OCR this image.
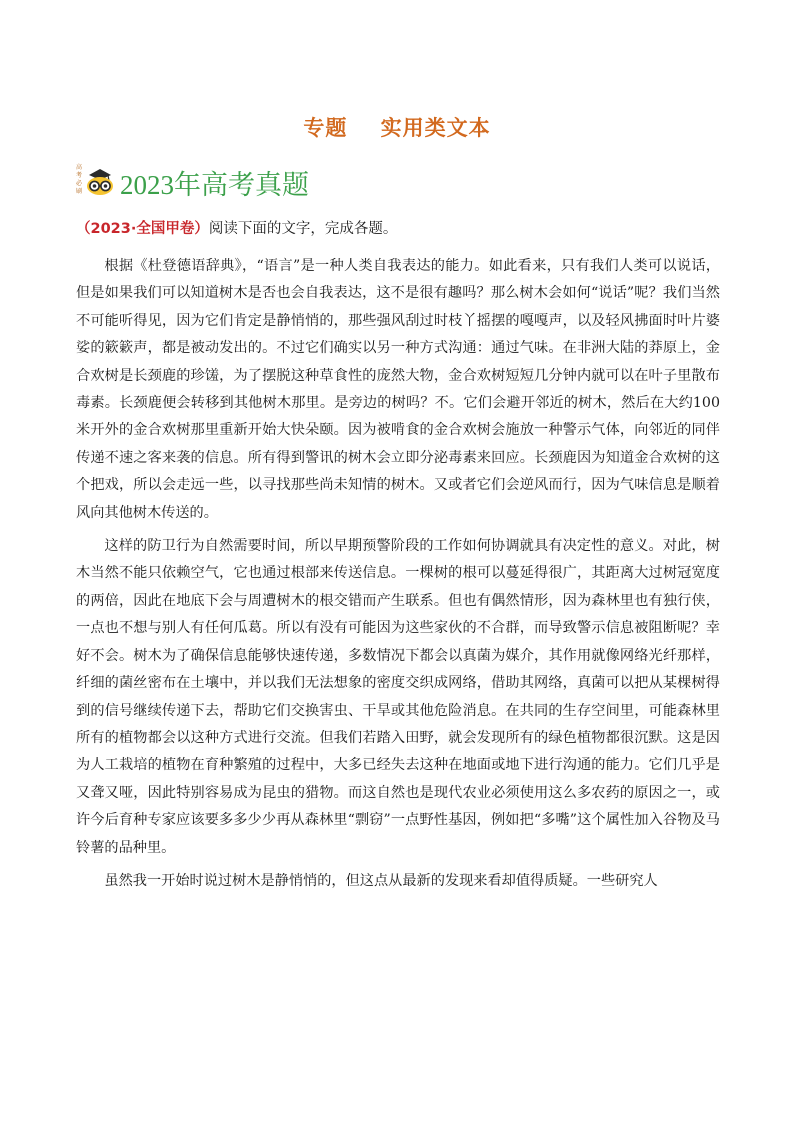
专题    实用类文本
高考必刷 2023年高考真题
（2023·全国甲卷）阅读下面的文字，完成各题。

根据《杜登德语辞典》，“语言”是一种人类自我表达的能力。如此看来，只有我们人类可以说话，但是如果我们可以知道树木是否也会自我表达，这不是很有趣吗？那么树木会如何“说话”呢？我们当然不可能听得见，因为它们肯定是静悄悄的，那些强风刮过时枝丫摇摆的嘎嘎声，以及轻风拂面时叶片婆娑的簌簌声，都是被动发出的。不过它们确实以另一种方式沟通：通过气味。在非洲大陆的莽原上，金合欢树是长颈鹿的珍馐，为了摆脱这种草食性的庞然大物，金合欢树短短几分钟内就可以在叶子里散布毒素。长颈鹿便会转移到其他树木那里。是旁边的树吗？不。它们会避开邻近的树木，然后在大约100米开外的金合欢树那里重新开始大快朵颐。因为被啃食的金合欢树会施放一种警示气体，向邻近的同伴传递不速之客来袭的信息。所有得到警讯的树木会立即分泌毒素来回应。长颈鹿因为知道金合欢树的这个把戏，所以会走远一些，以寻找那些尚未知情的树木。又或者它们会逆风而行，因为气味信息是顺着风向其他树木传送的。

这样的防卫行为自然需要时间，所以早期预警阶段的工作如何协调就具有决定性的意义。对此，树木当然不能只依赖空气，它也通过根部来传送信息。一棵树的根可以蔓延得很广，其距离大过树冠宽度的两倍，因此在地底下会与周遭树木的根交错而产生联系。但也有偶然情形，因为森林里也有独行侠，一点也不想与别人有任何瓜葛。所以有没有可能因为这些家伙的不合群，而导致警示信息被阻断呢？幸好不会。树木为了确保信息能够快速传递，多数情况下都会以真菌为媒介，其作用就像网络光纤那样，纤细的菌丝密布在土壤中，并以我们无法想象的密度交织成网络，借助其网络，真菌可以把从某棵树得到的信号继续传递下去，帮助它们交换害虫、干旱或其他危险消息。在共同的生存空间里，可能森林里所有的植物都会以这种方式进行交流。但我们若踏入田野，就会发现所有的绿色植物都很沉默。这是因为人工栽培的植物在育种繁殖的过程中，大多已经失去这种在地面或地下进行沟通的能力。它们几乎是又聋又哑，因此特别容易成为昆虫的猎物。而这自然也是现代农业必须使用这么多农药的原因之一，或许今后育种专家应该要多多少少再从森林里“剽窃”一点野性基因，例如把“多嘴”这个属性加入谷物及马铃薯的品种里。

虽然我一开始时说过树木是静悄悄的，但这点从最新的发现来看却值得质疑。一些研究人
